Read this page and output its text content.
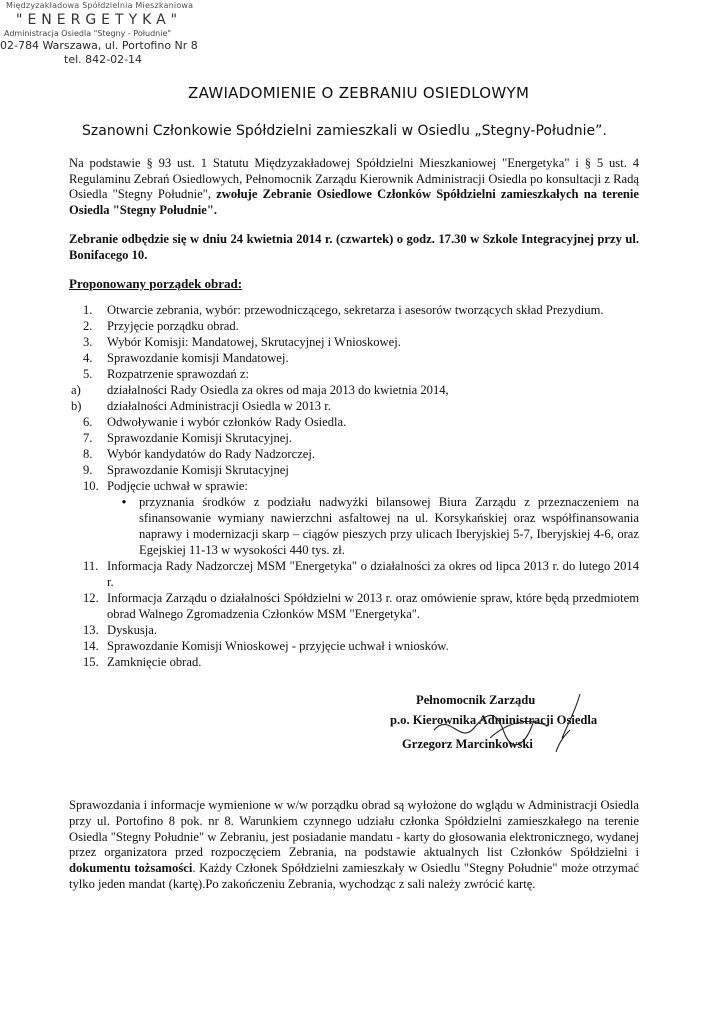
Międzyzakładowa Spółdzielnia Mieszkaniowa
"ENERGETYKA"
Administracja Osiedla "Stegny - Południe"
02-784 Warszawa, ul. Portofino Nr 8
tel. 842-02-14
ZAWIADOMIENIE O ZEBRANIU OSIEDLOWYM

Szanowni Członkowie Spółdzielni zamieszkali w Osiedlu „Stegny-Południe”.

Na podstawie § 93 ust. 1 Statutu Międzyzakładowej Spółdzielni Mieszkaniowej "Energetyka" i § 5 ust. 4 Regulaminu Zebrań Osiedlowych, Pełnomocnik Zarządu Kierownik Administracji Osiedla po konsultacji z Radą Osiedla "Stegny Południe", zwołuje Zebranie Osiedlowe Członków Spółdzielni zamieszkałych na terenie Osiedla "Stegny Południe".

Zebranie odbędzie się w dniu 24 kwietnia 2014 r. (czwartek) o godz. 17.30 w Szkole Integracyjnej przy ul. Bonifacego 10.

Proponowany porządek obrad:
1.	Otwarcie zebrania, wybór: przewodniczącego, sekretarza i asesorów tworzących skład Prezydium.
2.	Przyjęcie porządku obrad.
3.	Wybór Komisji: Mandatowej, Skrutacyjnej i Wnioskowej.
4.	Sprawozdanie komisji Mandatowej.
5.	Rozpatrzenie sprawozdań z:
a)	działalności Rady Osiedla za okres od maja 2013 do kwietnia 2014,
b)	działalności Administracji Osiedla w 2013 r.
6.	Odwoływanie i wybór członków Rady Osiedla.
7.	Sprawozdanie Komisji Skrutacyjnej.
8.	Wybór kandydatów do Rady Nadzorczej.
9.	Sprawozdanie Komisji Skrutacyjnej
10. Podjęcie uchwał w sprawie:
•	przyznania środków z podziału nadwyżki bilansowej Biura Zarządu z przeznaczeniem na sfinansowanie wymiany nawierzchni asfaltowej na ul. Korsykańskiej oraz współfinansowania naprawy i modernizacji skarp – ciągów pieszych przy ulicach Iberyjskiej 5-7, Iberyjskiej 4-6, oraz Egejskiej 11-13 w wysokości 440 tys. zł.
11. Informacja Rady Nadzorczej MSM "Energetyka" o działalności za okres od lipca 2013 r. do lutego 2014 r.
12. Informacja Zarządu o działalności Spółdzielni w 2013 r. oraz omówienie spraw, które będą przedmiotem obrad Walnego Zgromadzenia Członków MSM "Energetyka".
13. Dyskusja.
14. Sprawozdanie Komisji Wnioskowej - przyjęcie uchwał i wniosków.
15. Zamknięcie obrad.
Pełnomocnik Zarządu
p.o. Kierownika Administracji Osiedla
Grzegorz Marcinkowski

Sprawozdania i informacje wymienione w w/w porządku obrad są wyłożone do wglądu w Administracji Osiedla przy ul. Portofino 8 pok. nr 8. Warunkiem czynnego udziału członka Spółdzielni zamieszkałego na terenie Osiedla "Stegny Południe" w Zebraniu, jest posiadanie mandatu - karty do głosowania elektronicznego, wydanej przez organizatora przed rozpoczęciem Zebrania, na podstawie aktualnych list Członków Spółdzielni i dokumentu tożsamości. Każdy Członek Spółdzielni zamieszkały w Osiedlu "Stegny Południe" może otrzymać tylko jeden mandat (kartę).Po zakończeniu Zebrania, wychodząc z sali należy zwrócić kartę.
